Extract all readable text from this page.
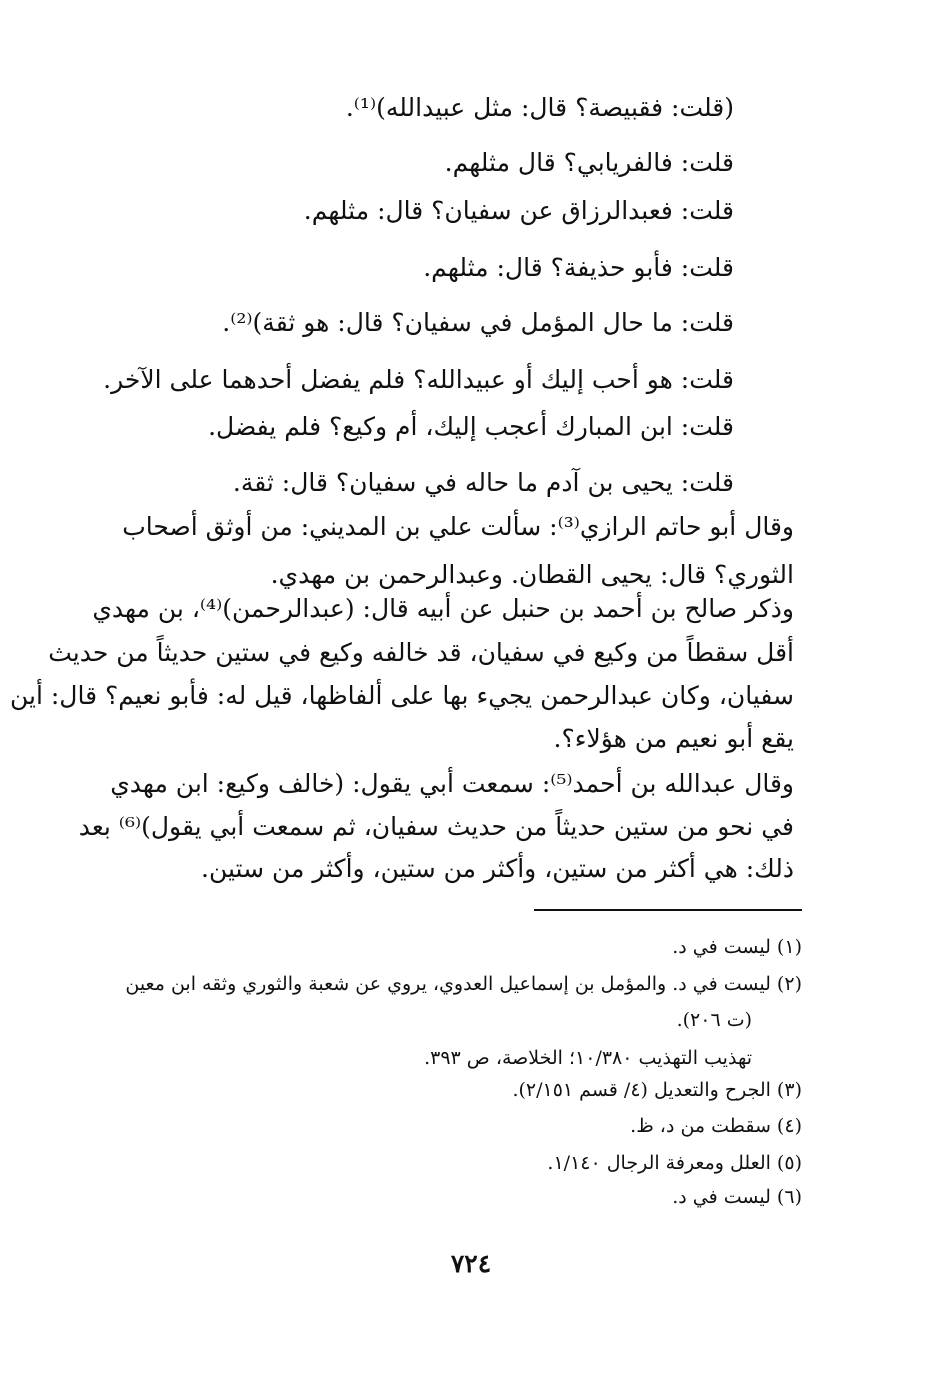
(قلت: فقبيصة؟ قال: مثل عبيدالله)⁽¹⁾.
قلت: فالفريابي؟ قال مثلهم.
قلت: فعبدالرزاق عن سفيان؟ قال: مثلهم.
قلت: فأبو حذيفة؟ قال: مثلهم.
قلت: ما حال المؤمل في سفيان؟ قال: هو ثقة)⁽²⁾.
قلت: هو أحب إليك أو عبيدالله؟ فلم يفضل أحدهما على الآخر.
قلت: ابن المبارك أعجب إليك، أم وكيع؟ فلم يفضل.
قلت: يحيى بن آدم ما حاله في سفيان؟ قال: ثقة.
وقال أبو حاتم الرازي⁽³⁾: سألت علي بن المديني: من أوثق أصحاب
الثوري؟ قال: يحيى القطان. وعبدالرحمن بن مهدي.
وذكر صالح بن أحمد بن حنبل عن أبيه قال: (عبدالرحمن)⁽⁴⁾، بن مهدي
أقل سقطاً من وكيع في سفيان، قد خالفه وكيع في ستين حديثاً من حديث
سفيان، وكان عبدالرحمن يجيء بها على ألفاظها، قيل له: فأبو نعيم؟ قال: أين
يقع أبو نعيم من هؤلاء؟.
وقال عبدالله بن أحمد⁽⁵⁾: سمعت أبي يقول: (خالف وكيع: ابن مهدي
في نحو من ستين حديثاً من حديث سفيان، ثم سمعت أبي يقول)⁽⁶⁾ بعد
ذلك: هي أكثر من ستين، وأكثر من ستين، وأكثر من ستين.
(١) ليست في د.
(٢) ليست في د. والمؤمل بن إسماعيل العدوي، يروي عن شعبة والثوري وثقه ابن معين
(ت ٢٠٦).
تهذيب التهذيب ١٠/٣٨٠؛ الخلاصة، ص ٣٩٣.
(٣) الجرح والتعديل (٤/ قسم ٢/١٥١).
(٤) سقطت من د، ظ.
(٥) العلل ومعرفة الرجال ١/١٤٠.
(٦) ليست في د.
٧٢٤
